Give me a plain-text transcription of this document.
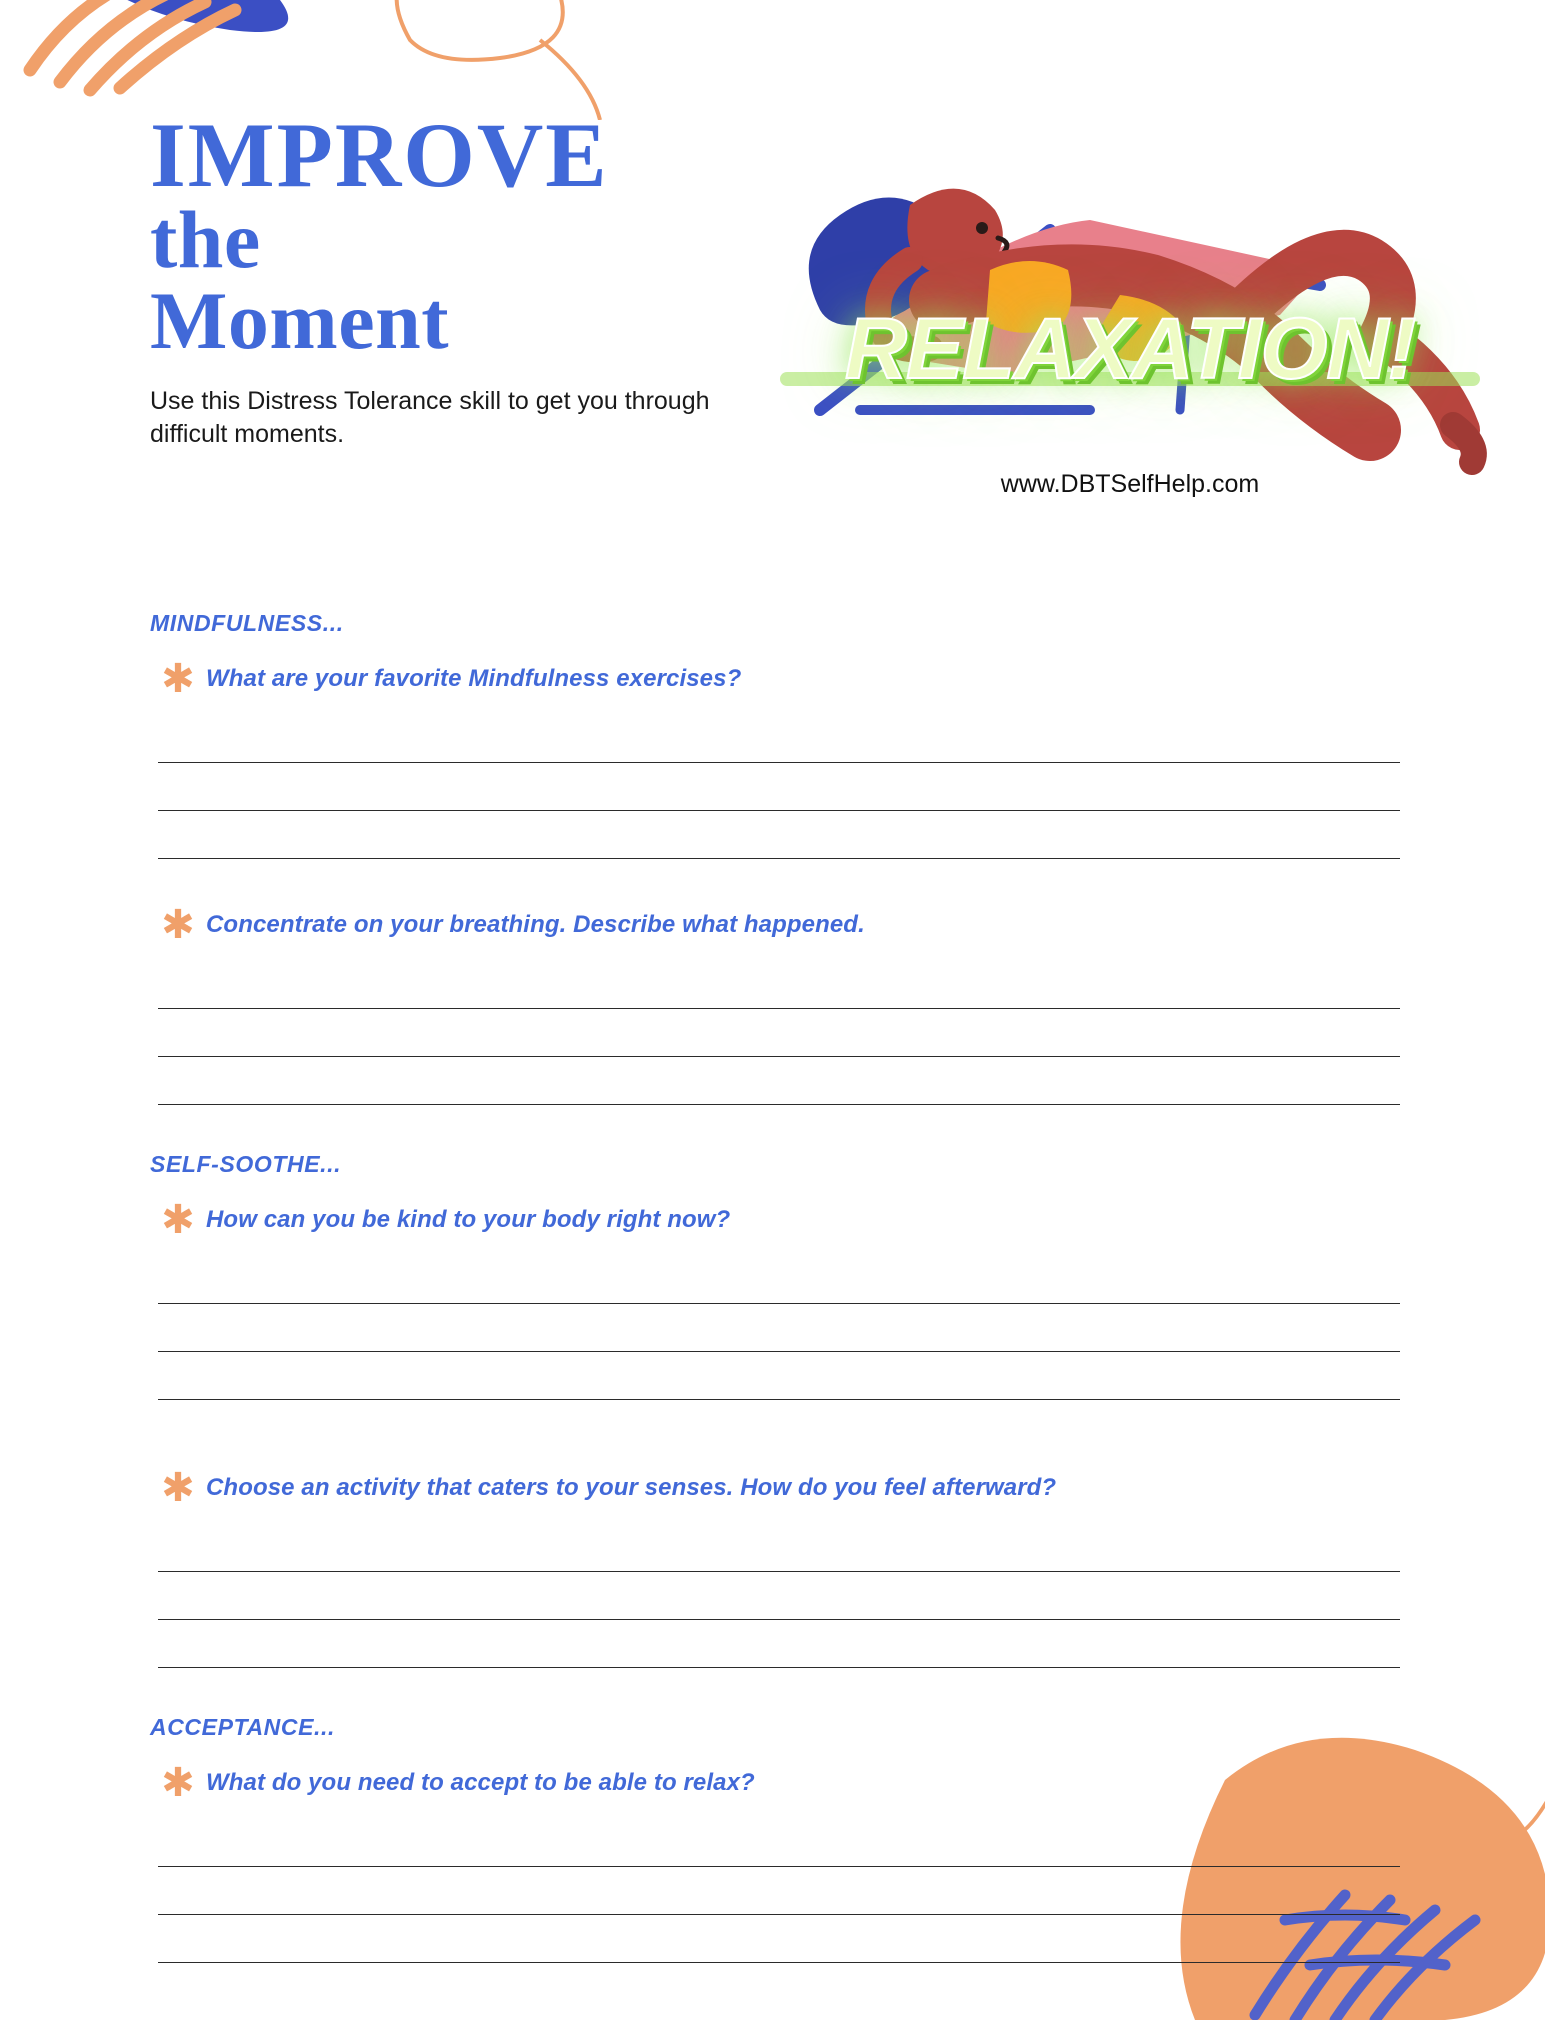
IMPROVE
the
Moment
Use this Distress Tolerance skill to get you through difficult moments.
RELAXATION!
www.DBTSelfHelp.com
MINDFULNESS...
✱ What are your favorite Mindfulness exercises?
✱ Concentrate on your breathing. Describe what happened.
SELF-SOOTHE...
✱ How can you be kind to your body right now?
✱ Choose an activity that caters to your senses. How do you feel afterward?
ACCEPTANCE...
✱ What do you need to accept to be able to relax?
